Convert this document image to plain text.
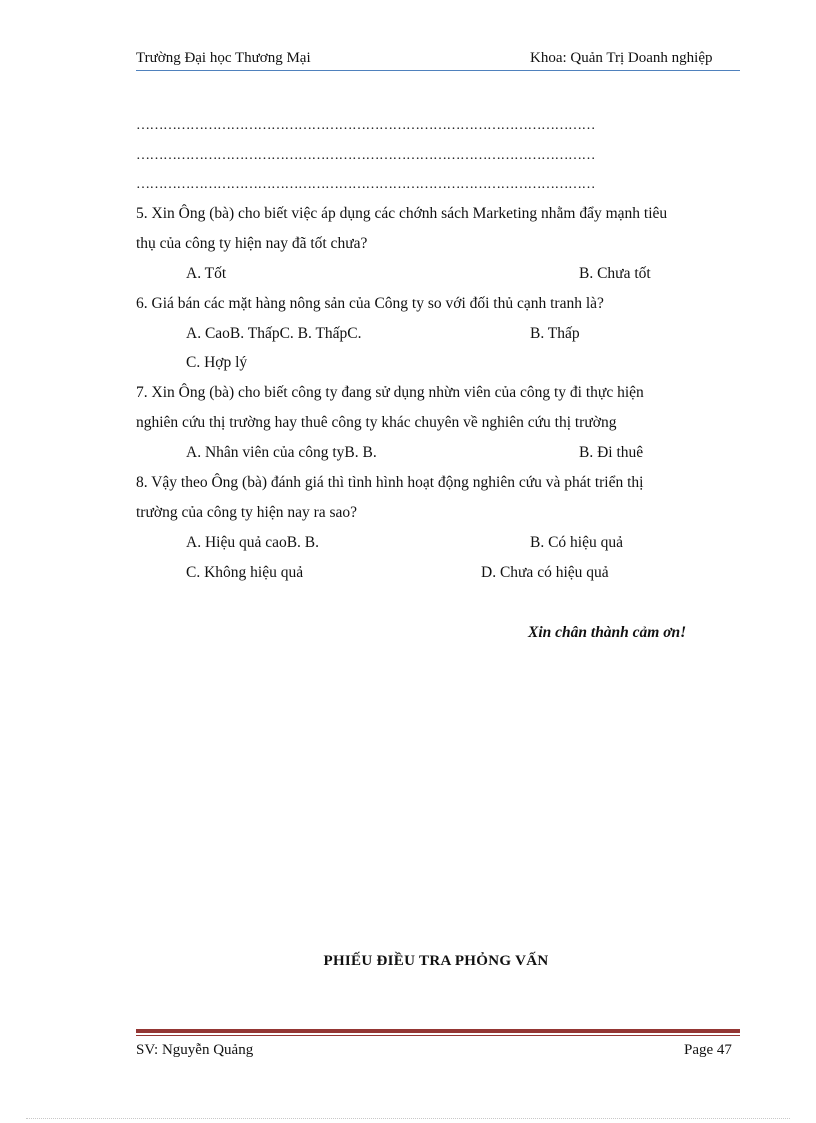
Trường Đại học Thương Mại	Khoa: Quản Trị Doanh nghiệp
…………………………………………………………………………………………
…………………………………………………………………………………………
…………………………………………………………………………………………
5. Xin Ông (bà) cho biết việc áp dụng các chớnh sách Marketing nhằm đẩy mạnh tiêu
thụ của công ty hiện nay đã tốt chưa?
A. Tốt	B. Chưa tốt
6. Giá bán các mặt hàng nông sản của Công ty so với đối thủ cạnh tranh là?
A. CaoB. ThấpC. B. ThấpC.	B. Thấp
C. Hợp lý
7. Xin Ông (bà) cho biết công ty đang sử dụng nhừn viên của công ty đi thực hiện
nghiên cứu thị trường hay thuê công ty khác chuyên về nghiên cứu thị trường
A. Nhân viên của công tyB. B.	B. Đi thuê
8. Vậy theo Ông (bà) đánh giá thì tình hình hoạt động nghiên cứu và phát triển thị
trường của công ty hiện nay ra sao?
A. Hiệu quả caoB. B.	B. Có hiệu quả
C. Không hiệu quả	D. Chưa có hiệu quả
Xin chân thành cảm ơn!
PHIẾU ĐIỀU TRA PHỎNG VẤN
SV: Nguyễn Quảng	Page 47
